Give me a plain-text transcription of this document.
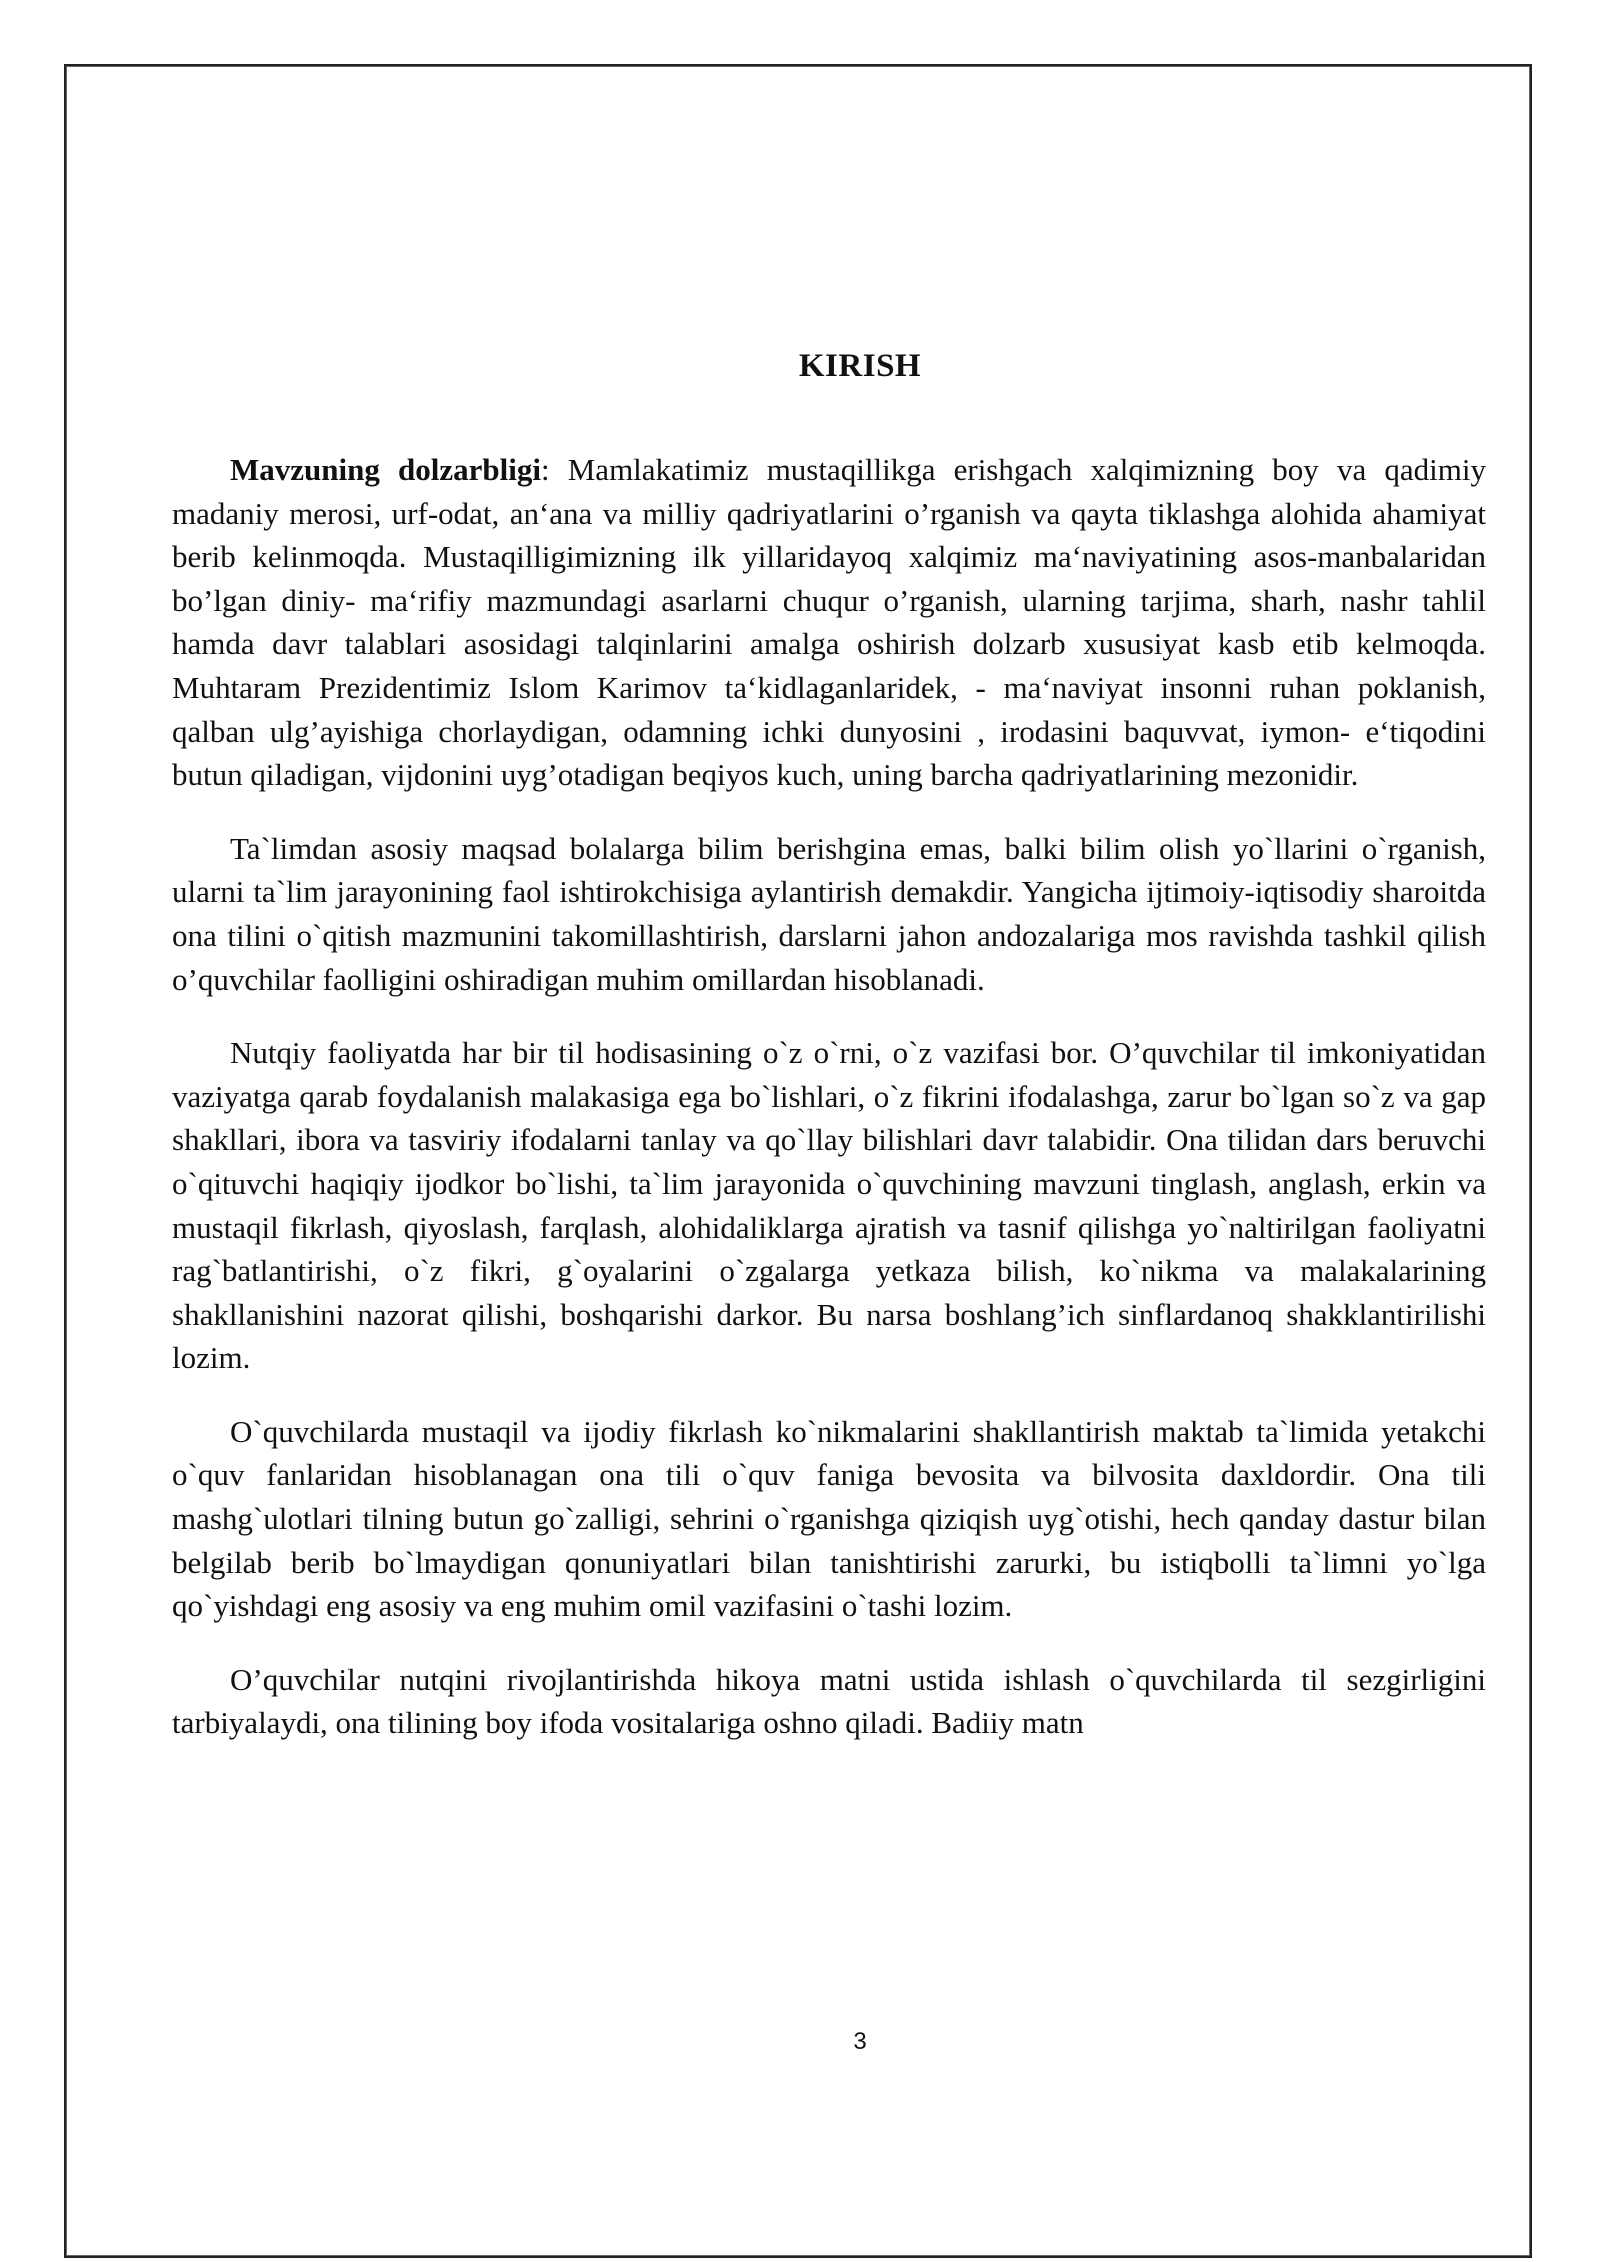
KIRISH

Mavzuning dolzarbligi: Mamlakatimiz mustaqillikga erishgach xalqimizning boy va qadimiy madaniy merosi, urf-odat, an‘ana va milliy qadriyatlarini o’rganish va qayta tiklashga alohida ahamiyat berib kelinmoqda. Mustaqilligimizning ilk yillaridayoq xalqimiz ma‘naviyatining asos-manbalaridan bo’lgan diniy- ma‘rifiy mazmundagi asarlarni chuqur o’rganish, ularning tarjima, sharh, nashr tahlil hamda davr talablari asosidagi talqinlarini amalga oshirish dolzarb xususiyat kasb etib kelmoqda. Muhtaram Prezidentimiz Islom Karimov ta‘kidlaganlaridek, - ma‘naviyat insonni ruhan poklanish, qalban ulg’ayishiga chorlaydigan, odamning ichki dunyosini , irodasini baquvvat, iymon- e‘tiqodini butun qiladigan, vijdonini uyg’otadigan beqiyos kuch, uning barcha qadriyatlarining mezonidir.

Ta`limdan asosiy maqsad bolalarga bilim berishgina emas, balki bilim olish yo`llarini o`rganish, ularni ta`lim jarayonining faol ishtirokchisiga aylantirish demakdir. Yangicha ijtimoiy-iqtisodiy sharoitda ona tilini o`qitish mazmunini takomillashtirish, darslarni jahon andozalariga mos ravishda tashkil qilish o’quvchilar faolligini oshiradigan muhim omillardan hisoblanadi.

Nutqiy faoliyatda har bir til hodisasining o`z o`rni, o`z vazifasi bor. O’quvchilar til imkoniyatidan vaziyatga qarab foydalanish malakasiga ega bo`lishlari, o`z fikrini ifodalashga, zarur bo`lgan so`z va gap shakllari, ibora va tasviriy ifodalarni tanlay va qo`llay bilishlari davr talabidir. Ona tilidan dars beruvchi o`qituvchi haqiqiy ijodkor bo`lishi, ta`lim jarayonida o`quvchining mavzuni tinglash, anglash, erkin va mustaqil fikrlash, qiyoslash, farqlash, alohidaliklarga ajratish va tasnif qilishga yo`naltirilgan faoliyatni rag`batlantirishi, o`z fikri, g`oyalarini o`zgalarga yetkaza bilish, ko`nikma va malakalarining shakllanishini nazorat qilishi, boshqarishi darkor. Bu narsa boshlang’ich sinflardanoq shakklantirilishi lozim.

O`quvchilarda mustaqil va ijodiy fikrlash ko`nikmalarini shakllantirish maktab ta`limida yetakchi o`quv fanlaridan hisoblanagan ona tili o`quv faniga bevosita va bilvosita daxldordir. Ona tili mashg`ulotlari tilning butun go`zalligi, sehrini o`rganishga qiziqish uyg`otishi, hech qanday dastur bilan belgilab berib bo`lmaydigan qonuniyatlari bilan tanishtirishi zarurki, bu istiqbolli ta`limni yo`lga qo`yishdagi eng asosiy va eng muhim omil vazifasini o`tashi lozim.

O’quvchilar nutqini rivojlantirishda hikoya matni ustida ishlash o`quvchilarda til sezgirligini tarbiyalaydi, ona tilining boy ifoda vositalariga oshno qiladi. Badiiy matn

3
